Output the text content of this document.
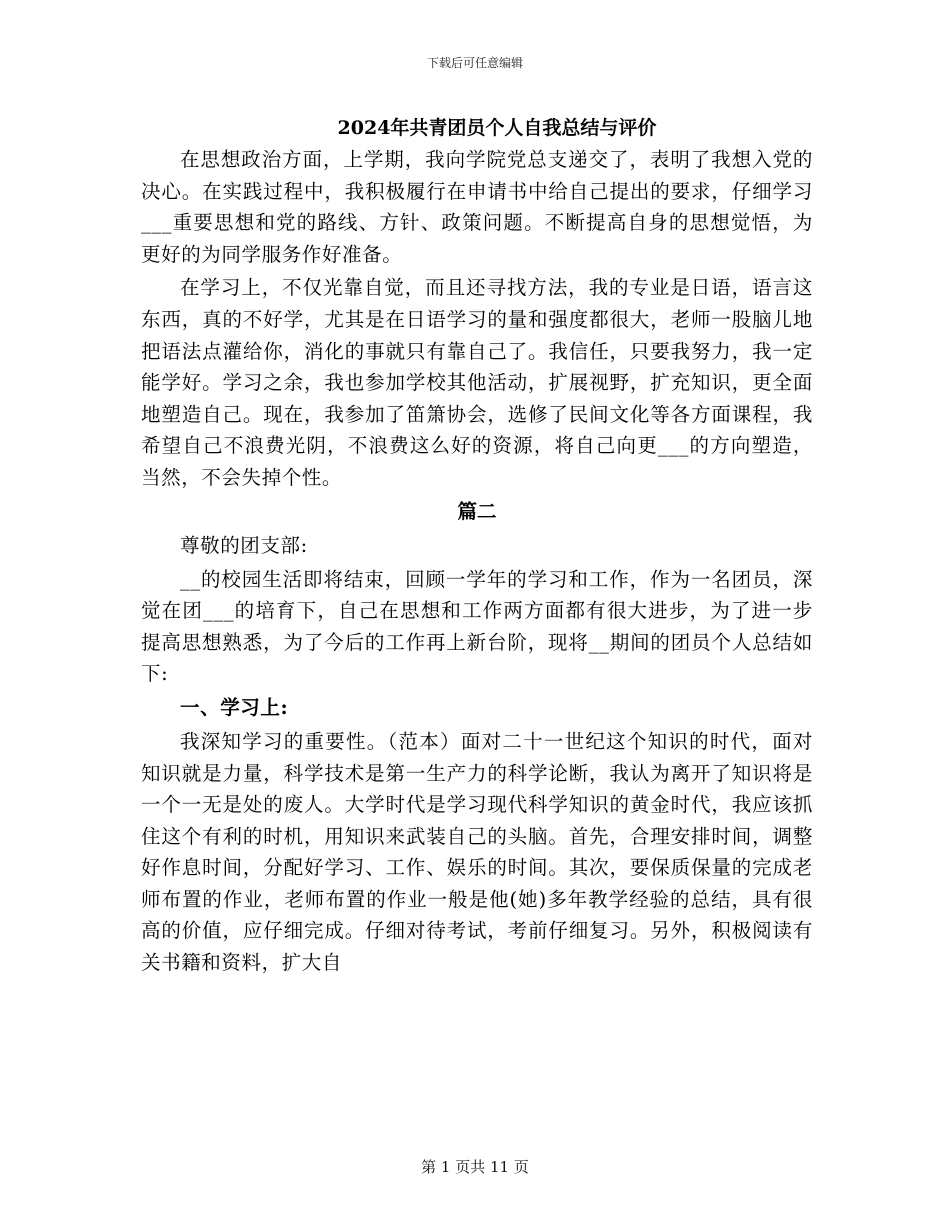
下载后可任意编辑
2024年共青团员个人自我总结与评价

在思想政治方面，上学期，我向学院党总支递交了，表明了我想入党的决心。在实践过程中，我积极履行在申请书中给自己提出的要求，仔细学习___重要思想和党的路线、方针、政策问题。不断提高自身的思想觉悟，为更好的为同学服务作好准备。

在学习上，不仅光靠自觉，而且还寻找方法，我的专业是日语，语言这东西，真的不好学，尤其是在日语学习的量和强度都很大，老师一股脑儿地把语法点灌给你，消化的事就只有靠自己了。我信任，只要我努力，我一定能学好。学习之余，我也参加学校其他活动，扩展视野，扩充知识，更全面地塑造自己。现在，我参加了笛箫协会，选修了民间文化等各方面课程，我希望自己不浪费光阴，不浪费这么好的资源，将自己向更___的方向塑造，当然，不会失掉个性。

篇二
尊敬的团支部:

__的校园生活即将结束，回顾一学年的学习和工作，作为一名团员，深觉在团___的培育下，自己在思想和工作两方面都有很大进步，为了进一步提高思想熟悉，为了今后的工作再上新台阶，现将__期间的团员个人总结如下:

一、学习上:

我深知学习的重要性。（范本）面对二十一世纪这个知识的时代，面对知识就是力量，科学技术是第一生产力的科学论断，我认为离开了知识将是一个一无是处的废人。大学时代是学习现代科学知识的黄金时代，我应该抓住这个有利的时机，用知识来武装自己的头脑。首先，合理安排时间，调整好作息时间，分配好学习、工作、娱乐的时间。其次，要保质保量的完成老师布置的作业，老师布置的作业一般是他(她)多年教学经验的总结，具有很高的价值，应仔细完成。仔细对待考试，考前仔细复习。另外，积极阅读有关书籍和资料，扩大自

第 1 页共 11 页
